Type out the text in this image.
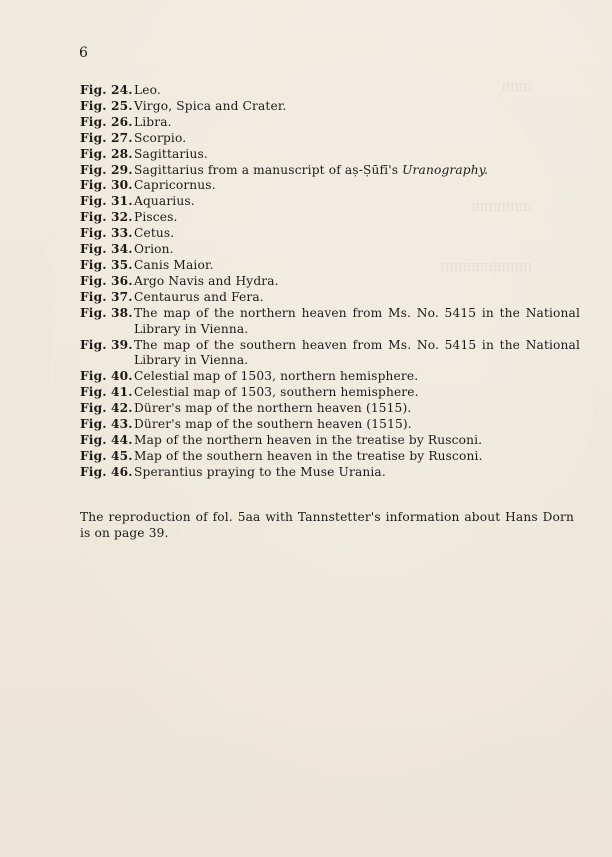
IIIIIII
IIIIIIIIIIIIII
IIIIIIIIIIIIIIIIIIIII
6
Fig. 24. Leo.
Fig. 25. Virgo, Spica and Crater.
Fig. 26. Libra.
Fig. 27. Scorpio.
Fig. 28. Sagittarius.
Fig. 29. Sagittarius from a manuscript of aṣ-Ṣūfī's Uranography.
Fig. 30. Capricornus.
Fig. 31. Aquarius.
Fig. 32. Pisces.
Fig. 33. Cetus.
Fig. 34. Orion.
Fig. 35. Canis Maior.
Fig. 36. Argo Navis and Hydra.
Fig. 37. Centaurus and Fera.
Fig. 38. The map of the northern heaven from Ms. No. 5415 in the National Library in Vienna.
Fig. 39. The map of the southern heaven from Ms. No. 5415 in the National Library in Vienna.
Fig. 40. Celestial map of 1503, northern hemisphere.
Fig. 41. Celestial map of 1503, southern hemisphere.
Fig. 42. Dürer's map of the northern heaven (1515).
Fig. 43. Dürer's map of the southern heaven (1515).
Fig. 44. Map of the northern heaven in the treatise by Rusconi.
Fig. 45. Map of the southern heaven in the treatise by Rusconi.
Fig. 46. Sperantius praying to the Muse Urania.

The reproduction of fol. 5aa with Tannstetter's information about Hans Dorn is on page 39.
